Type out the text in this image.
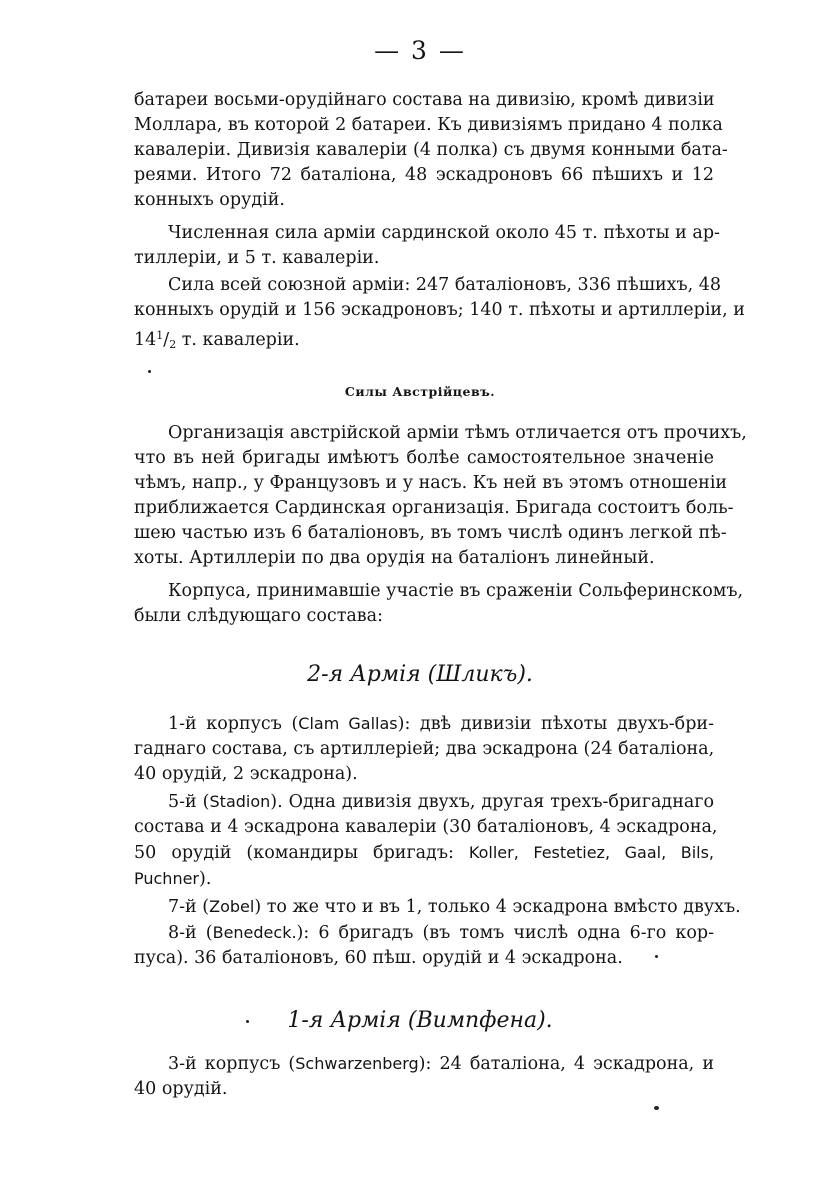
— 3 —
батареи восьми-орудійнаго состава на дивизію, кромѣ дивизіи
Моллара, въ которой 2 батареи. Къ дивизіямъ придано 4 полка
кавалеріи. Дивизія кавалеріи (4 полка) съ двумя конными бата-
реями. Итого 72 баталіона, 48 эскадроновъ 66 пѣшихъ и 12
конныхъ орудій.
Численная сила арміи сардинской около 45 т. пѣхоты и ар-
тиллеріи, и 5 т. кавалеріи.
Сила всей союзной арміи: 247 баталіоновъ, 336 пѣшихъ, 48
конныхъ орудій и 156 эскадроновъ; 140 т. пѣхоты и артиллеріи, и
$14^1/_2$ т. кавалеріи.
Силы Австрійцевъ.
Организація австрійской арміи тѣмъ отличается отъ прочихъ,
что въ ней бригады имѣютъ болѣе самостоятельное значеніе
чѣмъ, напр., у Французовъ и у насъ. Къ ней въ этомъ отношеніи
приближается Сардинская организація. Бригада состоитъ боль-
шею частью изъ 6 баталіоновъ, въ томъ числѣ одинъ легкой пѣ-
хоты. Артиллеріи по два орудія на баталіонъ линейный.
Корпуса, принимавшіе участіе въ сраженіи Сольферинскомъ,
были слѣдующаго состава:
2-я Армія (Шликъ).
1-й корпусъ (Clam Gallas): двѣ дивизіи пѣхоты двухъ-бри-
гаднаго состава, съ артиллеріей; два эскадрона (24 баталіона,
40 орудій, 2 эскадрона).
5-й (Stadion). Одна дивизія двухъ, другая трехъ-бригаднаго
состава и 4 эскадрона кавалеріи (30 баталіоновъ, 4 эскадрона,
50 орудій (командиры бригадъ: Koller, Festetiez, Gaal, Bils,
Puchner).
7-й (Zobel) то же что и въ 1, только 4 эскадрона вмѣсто двухъ.
8-й (Benedeck.): 6 бригадъ (въ томъ числѣ одна 6-го кор-
пуса). 36 баталіоновъ, 60 пѣш. орудій и 4 эскадрона.
1-я Армія (Вимпфена).
3-й корпусъ (Schwarzenberg): 24 баталіона, 4 эскадрона, и
40 орудій.
